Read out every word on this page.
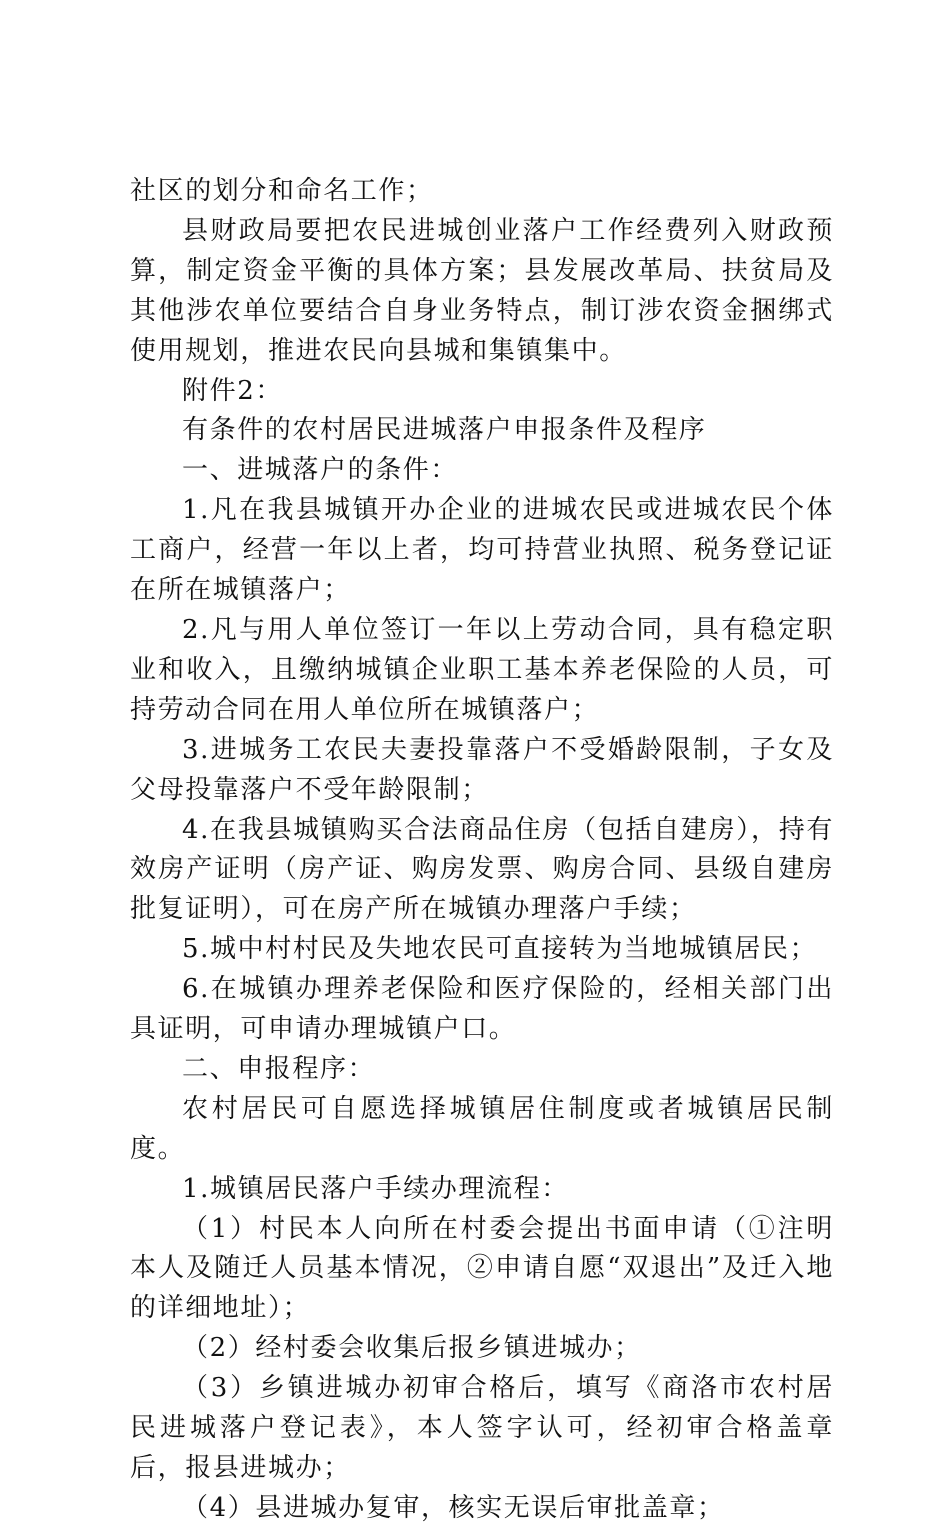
社区的划分和命名工作；

县财政局要把农民进城创业落户工作经费列入财政预算，制定资金平衡的具体方案；县发展改革局、扶贫局及其他涉农单位要结合自身业务特点，制订涉农资金捆绑式使用规划，推进农民向县城和集镇集中。

附件2：

有条件的农村居民进城落户申报条件及程序

一、进城落户的条件：

1.凡在我县城镇开办企业的进城农民或进城农民个体工商户，经营一年以上者，均可持营业执照、税务登记证在所在城镇落户；

2.凡与用人单位签订一年以上劳动合同，具有稳定职业和收入，且缴纳城镇企业职工基本养老保险的人员，可持劳动合同在用人单位所在城镇落户；

3.进城务工农民夫妻投靠落户不受婚龄限制，子女及父母投靠落户不受年龄限制；

4.在我县城镇购买合法商品住房（包括自建房），持有效房产证明（房产证、购房发票、购房合同、县级自建房批复证明），可在房产所在城镇办理落户手续；

5.城中村村民及失地农民可直接转为当地城镇居民；

6.在城镇办理养老保险和医疗保险的，经相关部门出具证明，可申请办理城镇户口。

二、申报程序：

农村居民可自愿选择城镇居住制度或者城镇居民制度。

1.城镇居民落户手续办理流程：

（1）村民本人向所在村委会提出书面申请（①注明本人及随迁人员基本情况，②申请自愿“双退出”及迁入地的详细地址）；

（2）经村委会收集后报乡镇进城办；

（3）乡镇进城办初审合格后，填写《商洛市农村居民进城落户登记表》，本人签字认可，经初审合格盖章后，报县进城办；

（4）县进城办复审，核实无误后审批盖章；
